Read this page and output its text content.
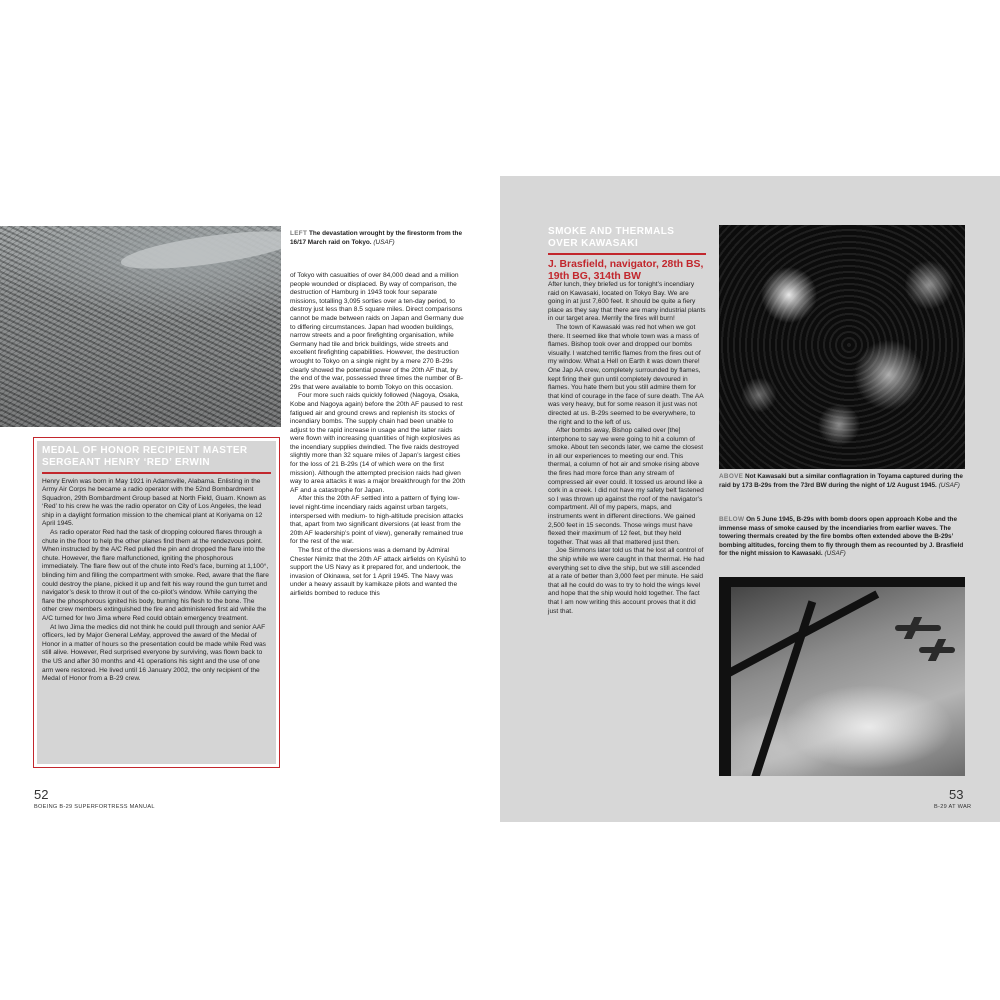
LEFT The devastation wrought by the firestorm from the 16/17 March raid on Tokyo. (USAF)
MEDAL OF HONOR RECIPIENT MASTER SERGEANT HENRY ‘RED’ ERWIN

Henry Erwin was born in May 1921 in Adamsville, Alabama. Enlisting in the Army Air Corps he became a radio operator with the 52nd Bombardment Squadron, 29th Bombardment Group based at North Field, Guam. Known as ‘Red’ to his crew he was the radio operator on City of Los Angeles, the lead ship in a daylight formation mission to the chemical plant at Koriyama on 12 April 1945.

As radio operator Red had the task of dropping coloured flares through a chute in the floor to help the other planes find them at the rendezvous point. When instructed by the A/C Red pulled the pin and dropped the flare into the chute. However, the flare malfunctioned, igniting the phosphorous immediately. The flare flew out of the chute into Red’s face, burning at 1,100°, blinding him and filling the compartment with smoke. Red, aware that the flare could destroy the plane, picked it up and felt his way round the gun turret and navigator’s desk to throw it out of the co-pilot’s window. While carrying the flare the phosphorous ignited his body, burning his flesh to the bone. The other crew members extinguished the fire and administered first aid while the A/C turned for Iwo Jima where Red could obtain emergency treatment.

At Iwo Jima the medics did not think he could pull through and senior AAF officers, led by Major General LeMay, approved the award of the Medal of Honor in a matter of hours so the presentation could be made while Red was still alive. However, Red surprised everyone by surviving, was flown back to the US and after 30 months and 41 operations his sight and the use of one arm were restored. He lived until 16 January 2002, the only recipient of the Medal of Honor from a B-29 crew.

of Tokyo with casualties of over 84,000 dead and a million people wounded or displaced. By way of comparison, the destruction of Hamburg in 1943 took four separate missions, totalling 3,095 sorties over a ten-day period, to destroy just less than 8.5 square miles. Direct comparisons cannot be made between raids on Japan and Germany due to differing circumstances. Japan had wooden buildings, narrow streets and a poor firefighting organisation, while Germany had tile and brick buildings, wide streets and excellent firefighting capabilities. However, the destruction wrought to Tokyo on a single night by a mere 270 B-29s clearly showed the potential power of the 20th AF that, by the end of the war, possessed three times the number of B-29s that were available to bomb Tokyo on this occasion.

Four more such raids quickly followed (Nagoya, Osaka, Kobe and Nagoya again) before the 20th AF paused to rest fatigued air and ground crews and replenish its stocks of incendiary bombs. The supply chain had been unable to adjust to the rapid increase in usage and the latter raids were flown with increasing quantities of high explosives as the incendiary supplies dwindled. The five raids destroyed slightly more than 32 square miles of Japan’s largest cities for the loss of 21 B-29s (14 of which were on the first mission). Although the attempted precision raids had given way to area attacks it was a major breakthrough for the 20th AF and a catastrophe for Japan.

After this the 20th AF settled into a pattern of flying low-level night-time incendiary raids against urban targets, interspersed with medium- to high-altitude precision attacks that, apart from two significant diversions (at least from the 20th AF leadership’s point of view), generally remained true for the rest of the war.

The first of the diversions was a demand by Admiral Chester Nimitz that the 20th AF attack airfields on Kyūshū to support the US Navy as it prepared for, and undertook, the invasion of Okinawa, set for 1 April 1945. The Navy was under a heavy assault by kamikaze pilots and wanted the airfields bombed to reduce this

52
BOEING B-29 SUPERFORTRESS MANUAL
SMOKE AND THERMALS OVER KAWASAKI
J. Brasfield, navigator, 28th BS, 19th BG, 314th BW

After lunch, they briefed us for tonight’s incendiary raid on Kawasaki, located on Tokyo Bay. We are going in at just 7,600 feet. It should be quite a fiery place as they say that there are many industrial plants in our target area. Merrily the fires will burn!

The town of Kawasaki was red hot when we got there. It seemed like that whole town was a mass of flames. Bishop took over and dropped our bombs visually. I watched terrific flames from the fires out of my window. What a Hell on Earth it was down there! One Jap AA crew, completely surrounded by flames, kept firing their gun until completely devoured in flames. You hate them but you still admire them for that kind of courage in the face of sure death. The AA was very heavy, but for some reason it just was not directed at us. B-29s seemed to be everywhere, to the right and to the left of us.

After bombs away, Bishop called over [the] interphone to say we were going to hit a column of smoke. About ten seconds later, we came the closest in all our experiences to meeting our end. This thermal, a column of hot air and smoke rising above the fires had more force than any stream of compressed air ever could. It tossed us around like a cork in a creek. I did not have my safety belt fastened so I was thrown up against the roof of the navigator’s compartment. All of my papers, maps, and instruments went in different directions. We gained 2,500 feet in 15 seconds. Those wings must have flexed their maximum of 12 feet, but they held together. That was all that mattered just then.

Joe Simmons later told us that he lost all control of the ship while we were caught in that thermal. He had everything set to dive the ship, but we still ascended at a rate of better than 3,000 feet per minute. He said that all he could do was to try to hold the wings level and hope that the ship would hold together. The fact that I am now writing this account proves that it did just that.

ABOVE Not Kawasaki but a similar conflagration in Toyama captured during the raid by 173 B-29s from the 73rd BW during the night of 1/2 August 1945. (USAF)
BELOW On 5 June 1945, B-29s with bomb doors open approach Kobe and the immense mass of smoke caused by the incendiaries from earlier waves. The towering thermals created by the fire bombs often extended above the B-29s’ bombing altitudes, forcing them to fly through them as recounted by J. Brasfield for the night mission to Kawasaki. (USAF)
53
B-29 AT WAR
